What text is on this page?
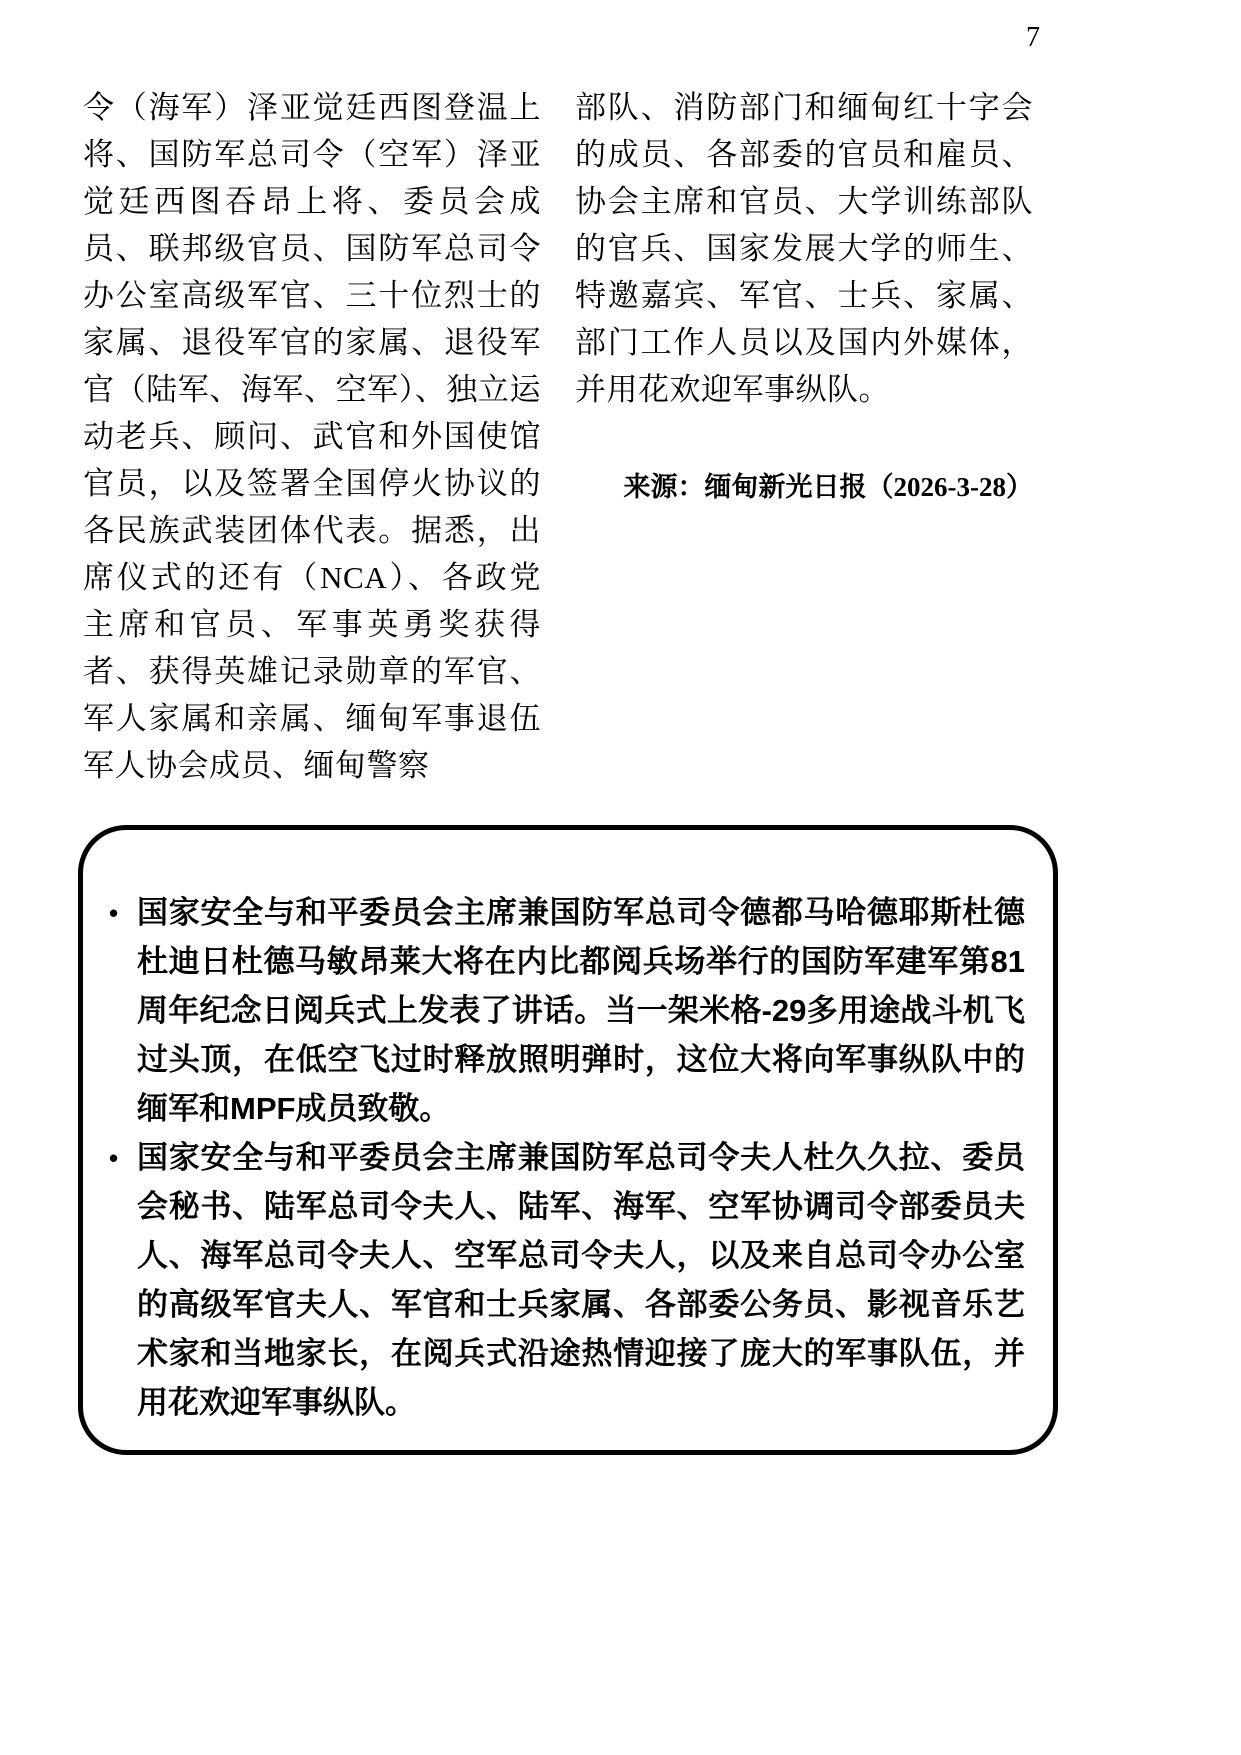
7

令（海军）泽亚觉廷西图登温上将、国防军总司令（空军）泽亚觉廷西图吞昂上将、委员会成员、联邦级官员、国防军总司令办公室高级军官、三十位烈士的家属、退役军官的家属、退役军官（陆军、海军、空军）、独立运动老兵、顾问、武官和外国使馆官员，以及签署全国停火协议的各民族武装团体代表。据悉，出席仪式的还有（NCA）、各政党主席和官员、军事英勇奖获得者、获得英雄记录勋章的军官、军人家属和亲属、缅甸军事退伍军人协会成员、缅甸警察

部队、消防部门和缅甸红十字会的成员、各部委的官员和雇员、协会主席和官员、大学训练部队的官兵、国家发展大学的师生、特邀嘉宾、军官、士兵、家属、部门工作人员以及国内外媒体，并用花欢迎军事纵队。

来源：缅甸新光日报（2026-3-28）

• 国家安全与和平委员会主席兼国防军总司令德都马哈德耶斯杜德杜迪日杜德马敏昂莱大将在内比都阅兵场举行的国防军建军第81周年纪念日阅兵式上发表了讲话。当一架米格-29多用途战斗机飞过头顶，在低空飞过时释放照明弹时，这位大将向军事纵队中的缅军和MPF成员致敬。
• 国家安全与和平委员会主席兼国防军总司令夫人杜久久拉、委员会秘书、陆军总司令夫人、陆军、海军、空军协调司令部委员夫人、海军总司令夫人、空军总司令夫人，以及来自总司令办公室的高级军官夫人、军官和士兵家属、各部委公务员、影视音乐艺术家和当地家长，在阅兵式沿途热情迎接了庞大的军事队伍，并用花欢迎军事纵队。
